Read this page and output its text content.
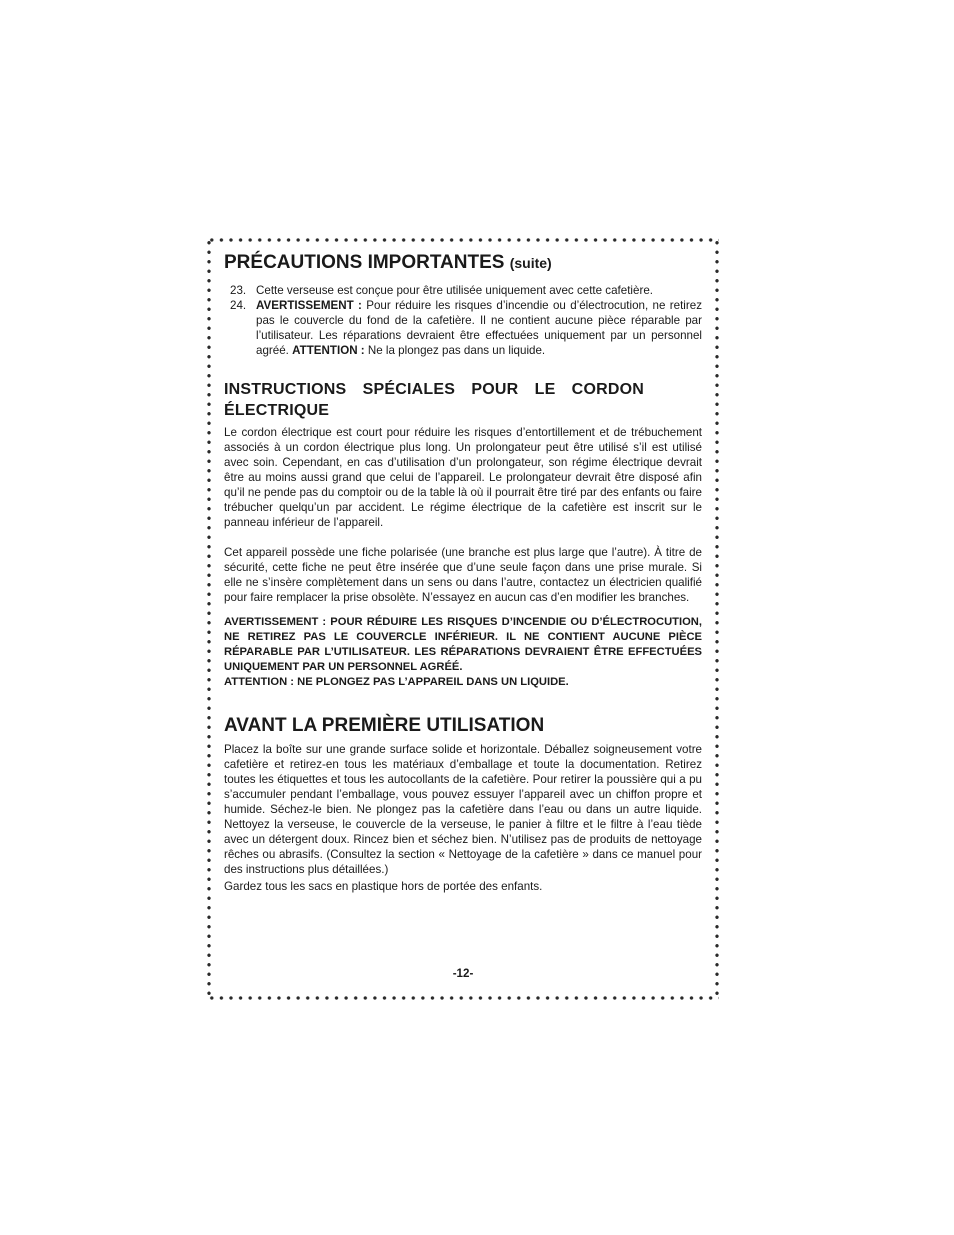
PRÉCAUTIONS IMPORTANTES (suite)
23. Cette verseuse est conçue pour être utilisée uniquement avec cette cafetière.
24. AVERTISSEMENT : Pour réduire les risques d’incendie ou d’électrocution, ne retirez pas le couvercle du fond de la cafetière. Il ne contient aucune pièce réparable par l’utilisateur. Les réparations devraient être effectuées uniquement par un personnel agréé. ATTENTION : Ne la plongez pas dans un liquide.
INSTRUCTIONS SPÉCIALES POUR LE CORDON ÉLECTRIQUE

Le cordon électrique est court pour réduire les risques d’entortillement et de trébuchement associés à un cordon électrique plus long. Un prolongateur peut être utilisé s’il est utilisé avec soin. Cependant, en cas d’utilisation d’un prolongateur, son régime électrique devrait être au moins aussi grand que celui de l’appareil. Le prolongateur devrait être disposé afin qu’il ne pende pas du comptoir ou de la table là où il pourrait être tiré par des enfants ou faire trébucher quelqu’un par accident. Le régime électrique de la cafetière est inscrit sur le panneau inférieur de l’appareil.

Cet appareil possède une fiche polarisée (une branche est plus large que l’autre). À titre de sécurité, cette fiche ne peut être insérée que d’une seule façon dans une prise murale. Si elle ne s’insère complètement dans un sens ou dans l’autre, contactez un électricien qualifié pour faire remplacer la prise obsolète. N’essayez en aucun cas d’en modifier les branches.

AVERTISSEMENT : POUR RÉDUIRE LES RISQUES D’INCENDIE OU D’ÉLECTROCUTION, NE RETIREZ PAS LE COUVERCLE INFÉRIEUR. IL NE CONTIENT AUCUNE PIÈCE RÉPARABLE PAR L’UTILISATEUR. LES RÉPARATIONS DEVRAIENT ÊTRE EFFECTUÉES UNIQUEMENT PAR UN PERSONNEL AGRÉÉ.

ATTENTION : NE PLONGEZ PAS L’APPAREIL DANS UN LIQUIDE.

AVANT LA PREMIÈRE UTILISATION

Placez la boîte sur une grande surface solide et horizontale. Déballez soigneusement votre cafetière et retirez-en tous les matériaux d’emballage et toute la documentation. Retirez toutes les étiquettes et tous les autocollants de la cafetière. Pour retirer la poussière qui a pu s’accumuler pendant l’emballage, vous pouvez essuyer l’appareil avec un chiffon propre et humide. Séchez-le bien. Ne plongez pas la cafetière dans l’eau ou dans un autre liquide. Nettoyez la verseuse, le couvercle de la verseuse, le panier à filtre et le filtre à l’eau tiède avec un détergent doux. Rincez bien et séchez bien. N’utilisez pas de produits de nettoyage rêches ou abrasifs. (Consultez la section « Nettoyage de la cafetière » dans ce manuel pour des instructions plus détaillées.)

Gardez tous les sacs en plastique hors de portée des enfants.

-12-
